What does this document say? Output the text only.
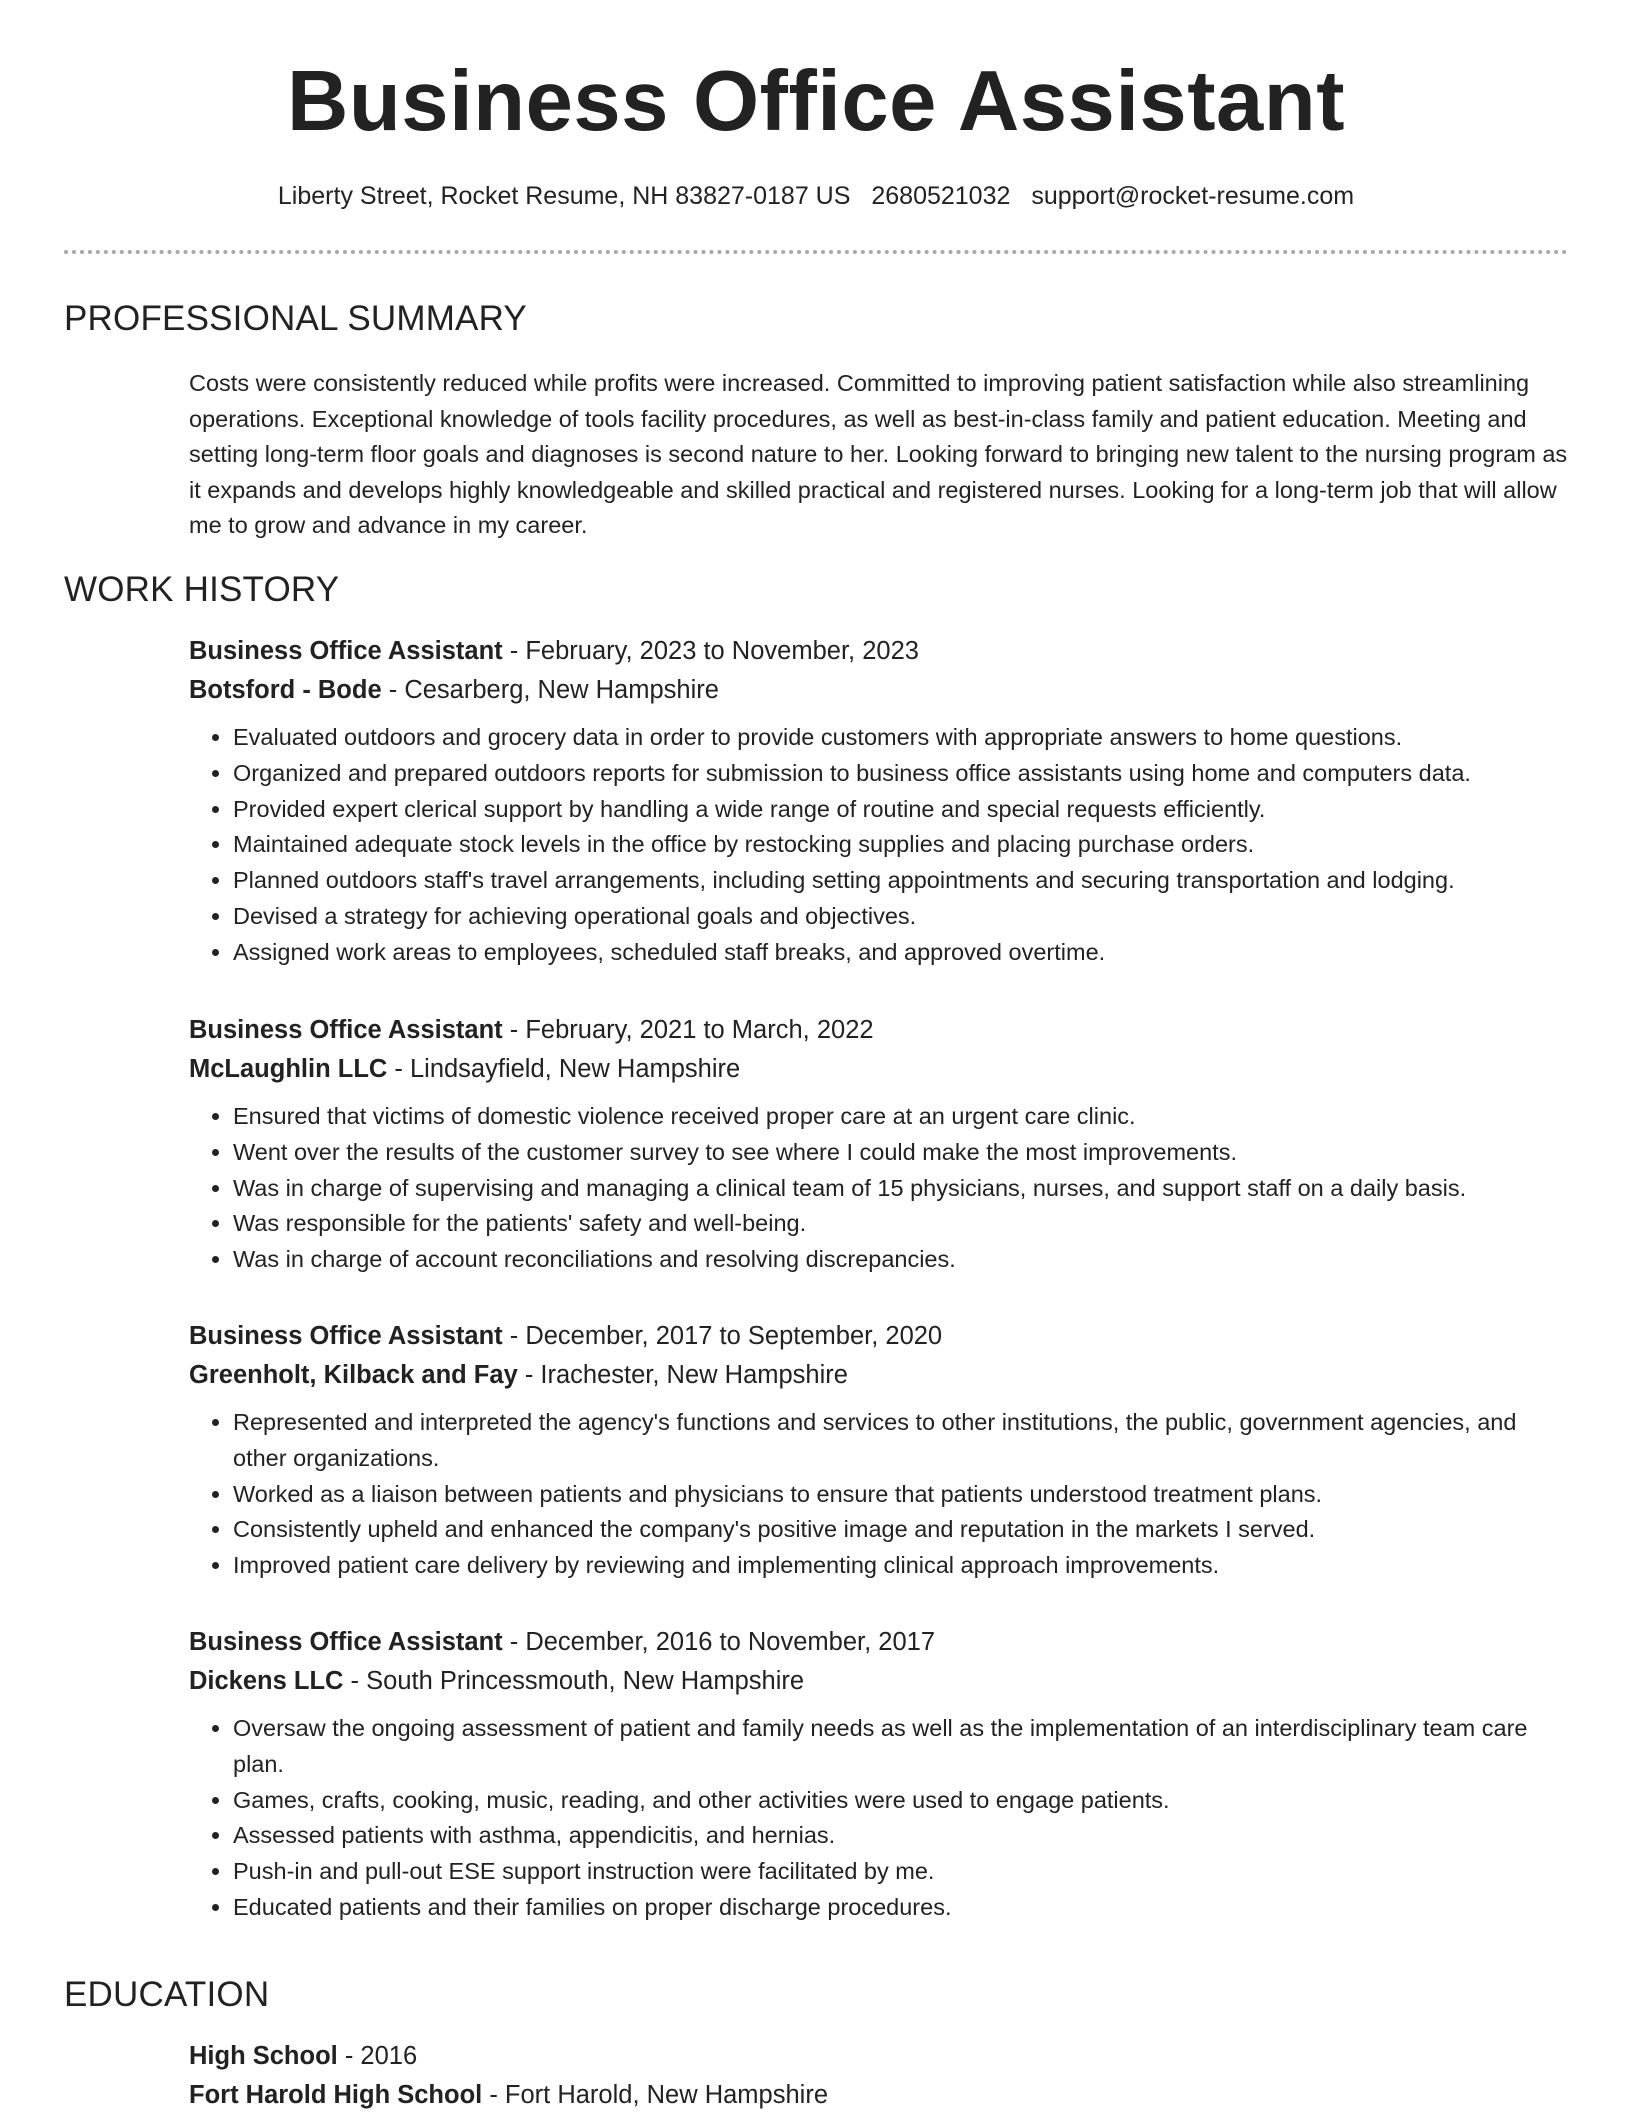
Business Office Assistant
Liberty Street, Rocket Resume, NH 83827-0187 US 2680521032 support@rocket-resume.com
PROFESSIONAL SUMMARY

Costs were consistently reduced while profits were increased. Committed to improving patient satisfaction while also streamlining operations. Exceptional knowledge of tools facility procedures, as well as best-in-class family and patient education. Meeting and setting long-term floor goals and diagnoses is second nature to her. Looking forward to bringing new talent to the nursing program as it expands and develops highly knowledgeable and skilled practical and registered nurses. Looking for a long-term job that will allow me to grow and advance in my career.

WORK HISTORY
Business Office Assistant - February, 2023 to November, 2023
Botsford - Bode - Cesarberg, New Hampshire
• Evaluated outdoors and grocery data in order to provide customers with appropriate answers to home questions.
• Organized and prepared outdoors reports for submission to business office assistants using home and computers data.
• Provided expert clerical support by handling a wide range of routine and special requests efficiently.
• Maintained adequate stock levels in the office by restocking supplies and placing purchase orders.
• Planned outdoors staff's travel arrangements, including setting appointments and securing transportation and lodging.
• Devised a strategy for achieving operational goals and objectives.
• Assigned work areas to employees, scheduled staff breaks, and approved overtime.
Business Office Assistant - February, 2021 to March, 2022
McLaughlin LLC - Lindsayfield, New Hampshire
• Ensured that victims of domestic violence received proper care at an urgent care clinic.
• Went over the results of the customer survey to see where I could make the most improvements.
• Was in charge of supervising and managing a clinical team of 15 physicians, nurses, and support staff on a daily basis.
• Was responsible for the patients' safety and well-being.
• Was in charge of account reconciliations and resolving discrepancies.
Business Office Assistant - December, 2017 to September, 2020
Greenholt, Kilback and Fay - Irachester, New Hampshire
• Represented and interpreted the agency's functions and services to other institutions, the public, government agencies, and other organizations.
• Worked as a liaison between patients and physicians to ensure that patients understood treatment plans.
• Consistently upheld and enhanced the company's positive image and reputation in the markets I served.
• Improved patient care delivery by reviewing and implementing clinical approach improvements.
Business Office Assistant - December, 2016 to November, 2017
Dickens LLC - South Princessmouth, New Hampshire
• Oversaw the ongoing assessment of patient and family needs as well as the implementation of an interdisciplinary team care plan.
• Games, crafts, cooking, music, reading, and other activities were used to engage patients.
• Assessed patients with asthma, appendicitis, and hernias.
• Push-in and pull-out ESE support instruction were facilitated by me.
• Educated patients and their families on proper discharge procedures.
EDUCATION
High School - 2016
Fort Harold High School - Fort Harold, New Hampshire
